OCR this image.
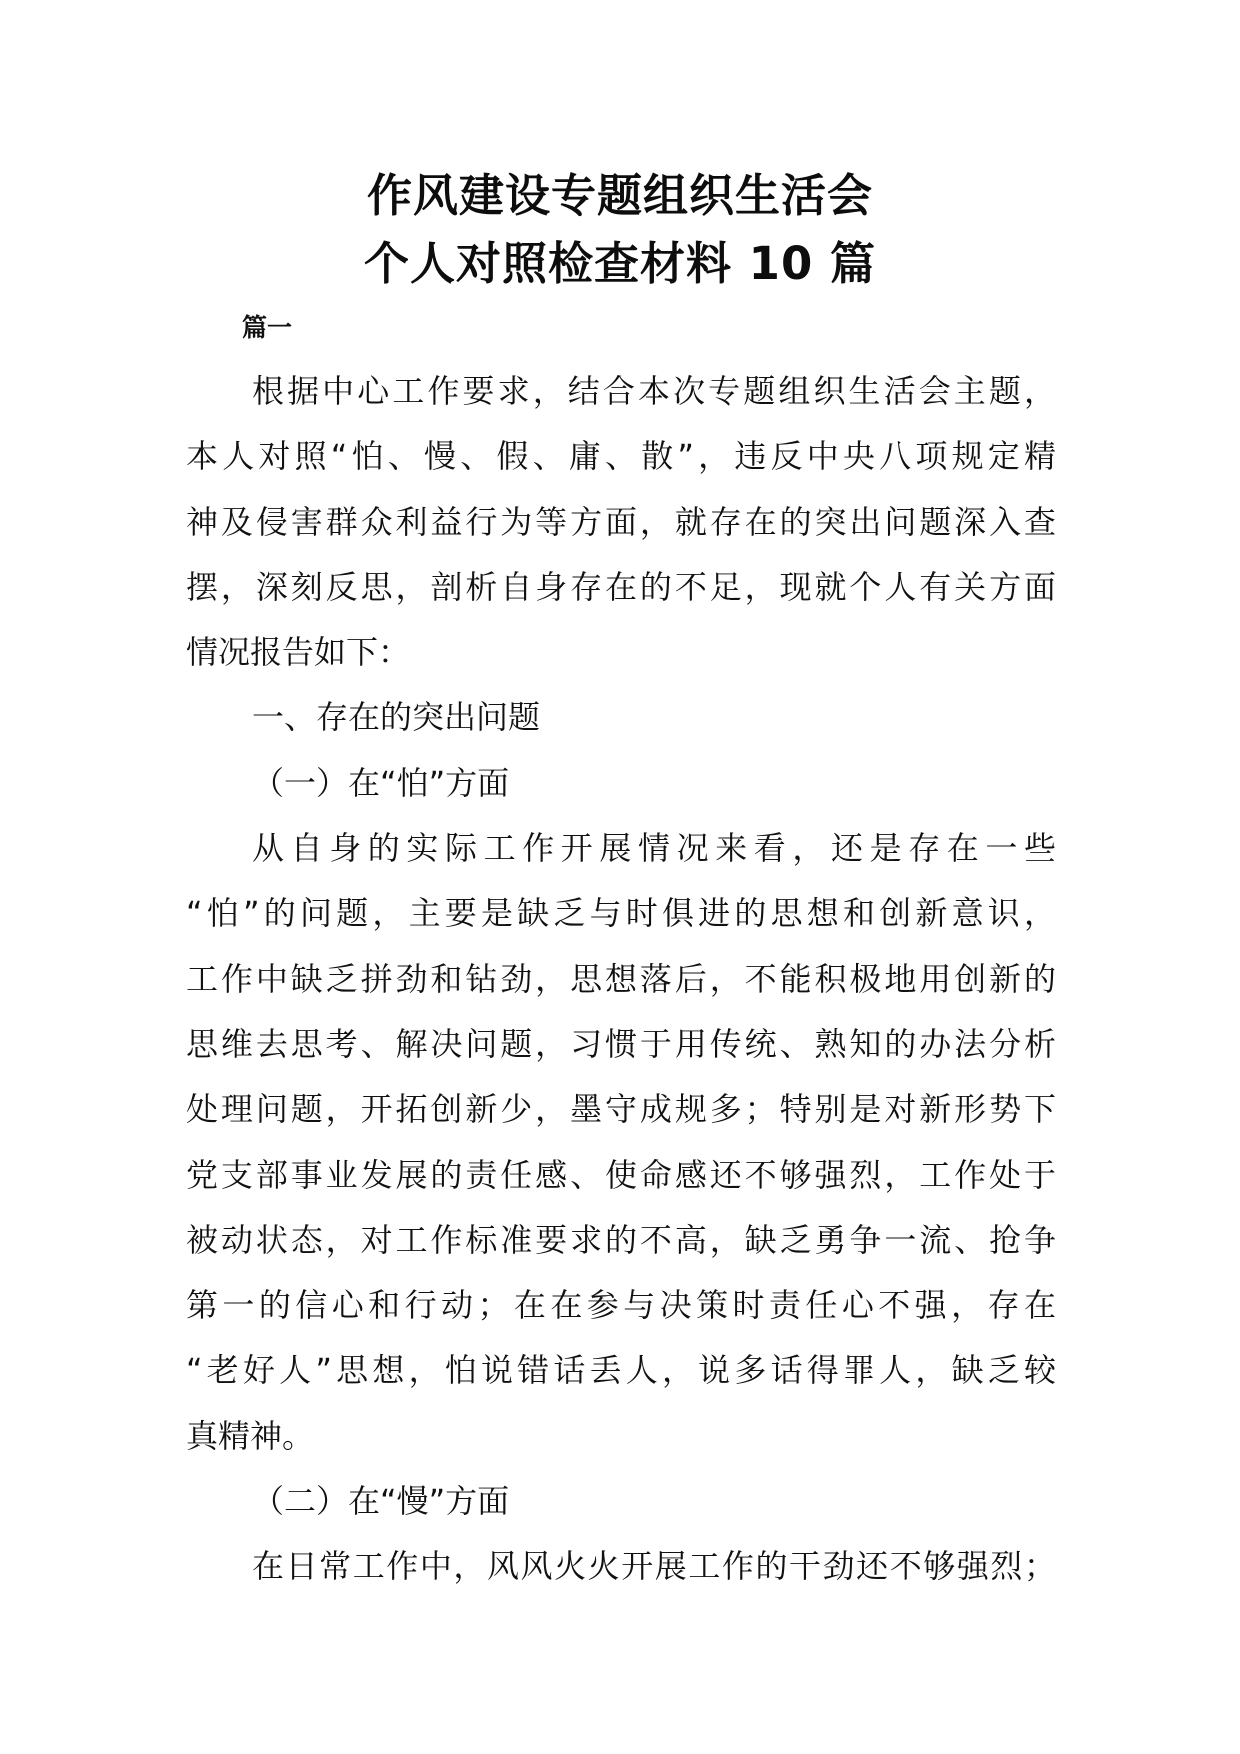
作风建设专题组织生活会
个人对照检查材料 10 篇
篇一
根据中心工作要求，结合本次专题组织生活会主题，
本人对照“怕、慢、假、庸、散”，违反中央八项规定精
神及侵害群众利益行为等方面，就存在的突出问题深入查
摆，深刻反思，剖析自身存在的不足，现就个人有关方面
情况报告如下：
一、存在的突出问题
（一）在“怕”方面
从自身的实际工作开展情况来看，还是存在一些
“怕”的问题，主要是缺乏与时俱进的思想和创新意识，
工作中缺乏拼劲和钻劲，思想落后，不能积极地用创新的
思维去思考、解决问题，习惯于用传统、熟知的办法分析
处理问题，开拓创新少，墨守成规多；特别是对新形势下
党支部事业发展的责任感、使命感还不够强烈，工作处于
被动状态，对工作标准要求的不高，缺乏勇争一流、抢争
第一的信心和行动；在在参与决策时责任心不强，存在
“老好人”思想，怕说错话丢人，说多话得罪人，缺乏较
真精神。
（二）在“慢”方面
在日常工作中，风风火火开展工作的干劲还不够强烈；
